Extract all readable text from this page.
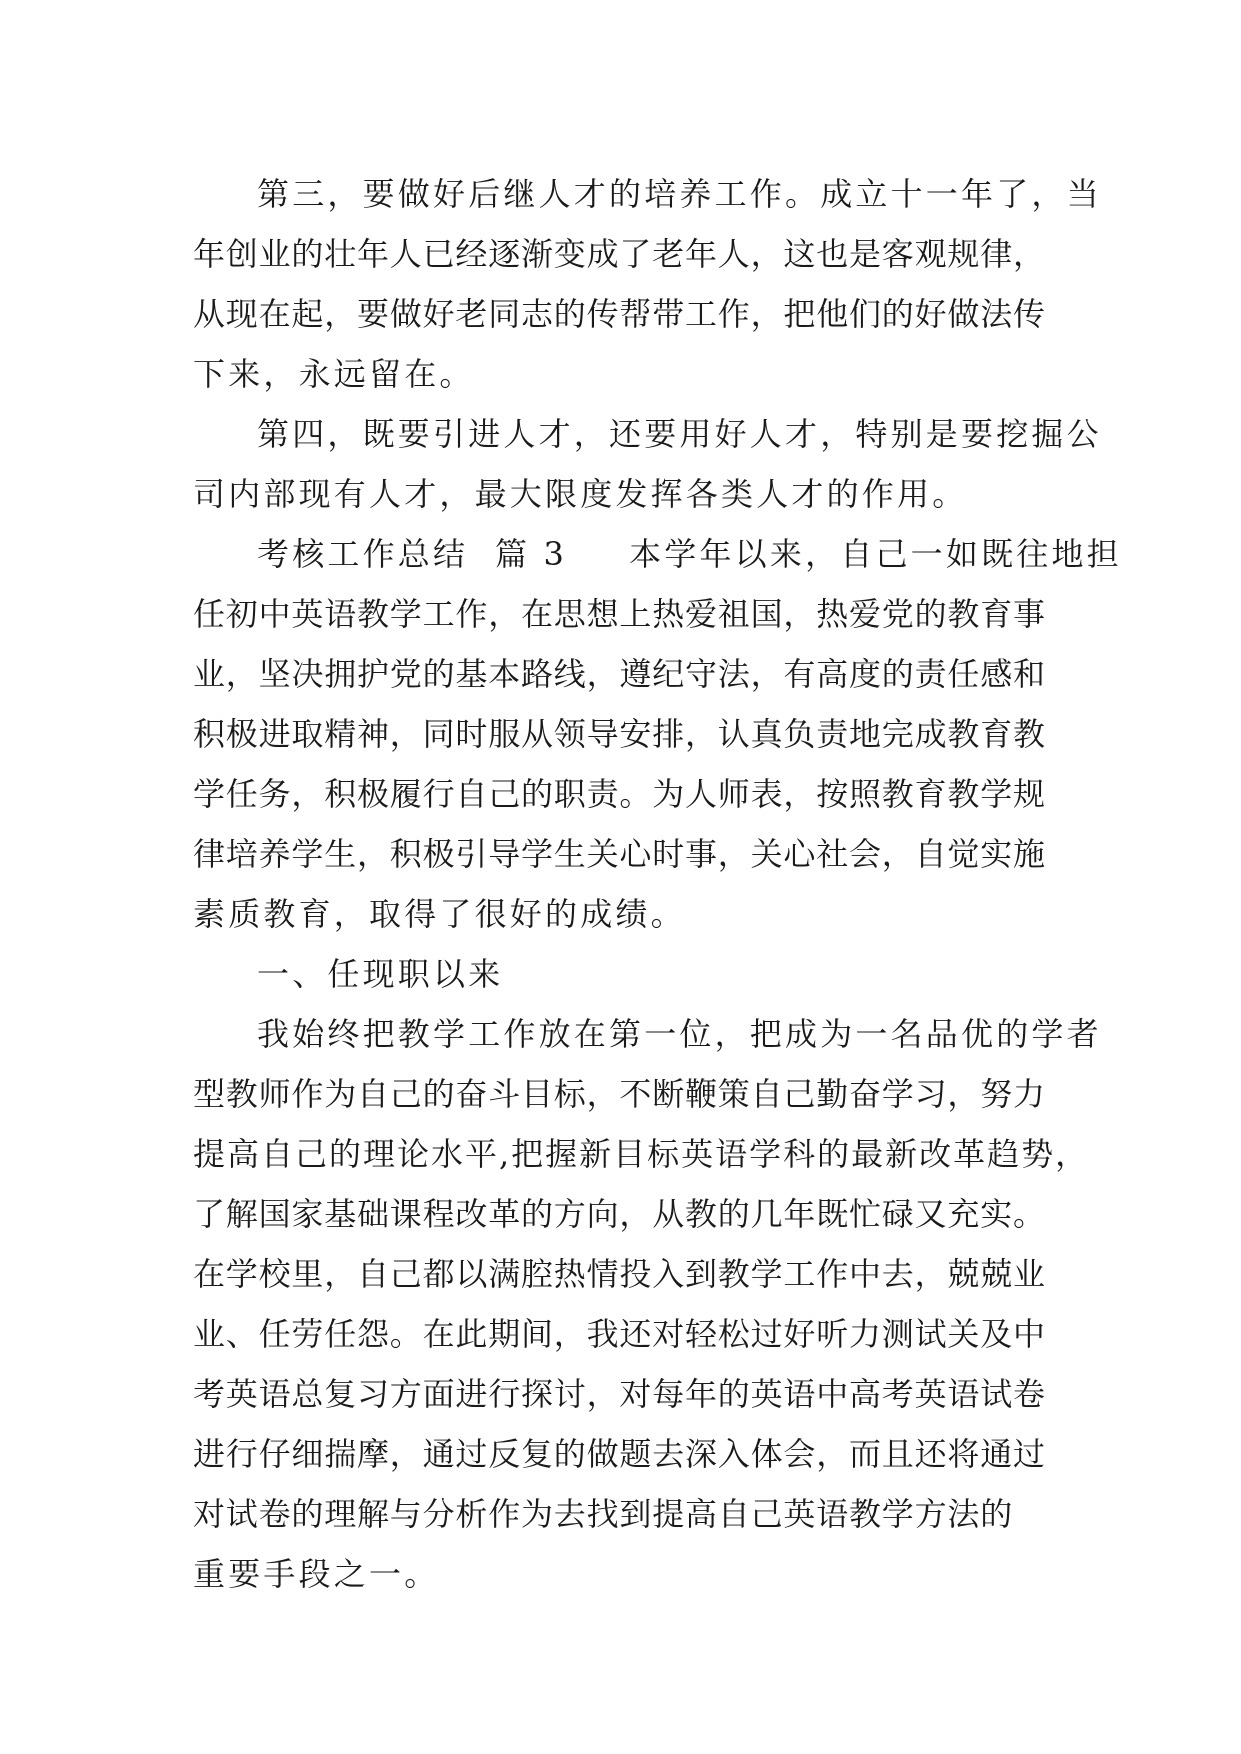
第三，要做好后继人才的培养工作。成立十一年了，当
年创业的壮年人已经逐渐变成了老年人，这也是客观规律，
从现在起，要做好老同志的传帮带工作，把他们的好做法传
下来，永远留在。
第四，既要引进人才，还要用好人才，特别是要挖掘公
司内部现有人才，最大限度发挥各类人才的作用。
考核工作总结  篇 3 本学年以来，自己一如既往地担
任初中英语教学工作，在思想上热爱祖国，热爱党的教育事
业，坚决拥护党的基本路线，遵纪守法，有高度的责任感和
积极进取精神，同时服从领导安排，认真负责地完成教育教
学任务，积极履行自己的职责。为人师表，按照教育教学规
律培养学生，积极引导学生关心时事，关心社会，自觉实施
素质教育，取得了很好的成绩。
一、任现职以来
我始终把教学工作放在第一位，把成为一名品优的学者
型教师作为自己的奋斗目标，不断鞭策自己勤奋学习，努力
提高自己的理论水平,把握新目标英语学科的最新改革趋势，
了解国家基础课程改革的方向，从教的几年既忙碌又充实。
在学校里，自己都以满腔热情投入到教学工作中去，兢兢业
业、任劳任怨。在此期间，我还对轻松过好听力测试关及中
考英语总复习方面进行探讨，对每年的英语中高考英语试卷
进行仔细揣摩，通过反复的做题去深入体会，而且还将通过
对试卷的理解与分析作为去找到提高自己英语教学方法的
重要手段之一。
